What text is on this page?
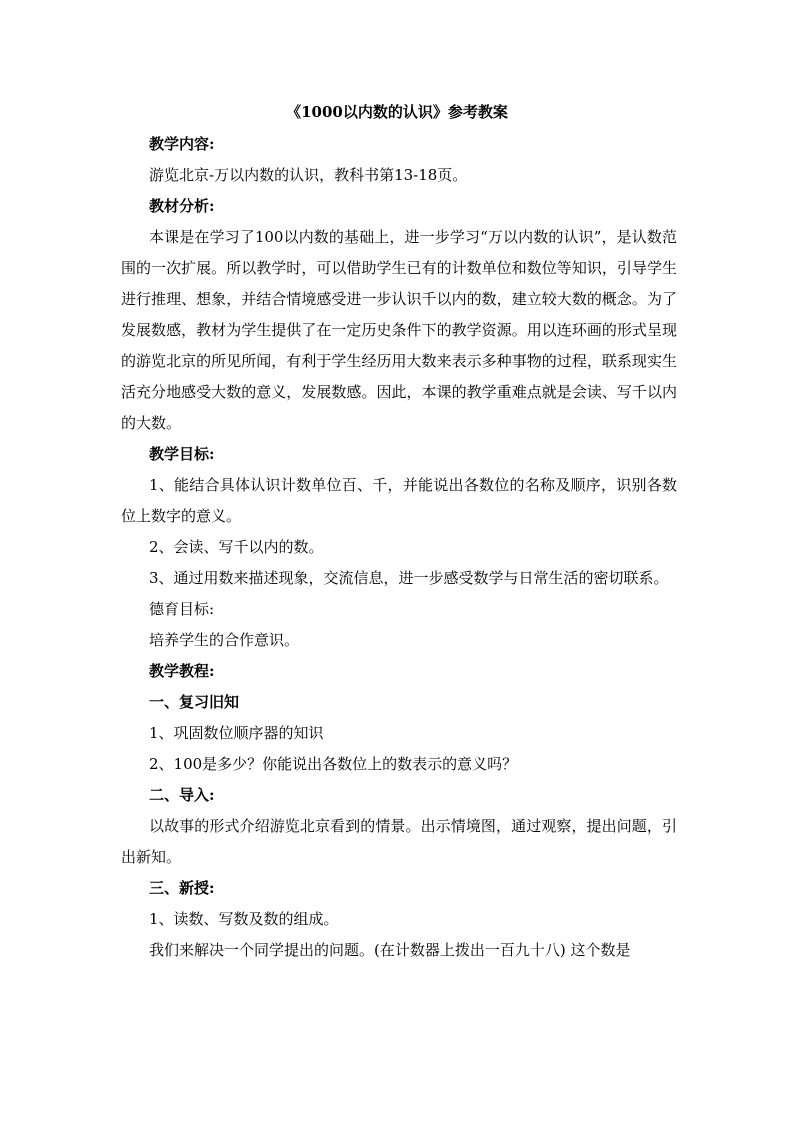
《1000以内数的认识》参考教案

教学内容:

游览北京-万以内数的认识，教科书第13-18页。

教材分析:

本课是在学习了100以内数的基础上，进一步学习“万以内数的认识”，是认数范围的一次扩展。所以教学时，可以借助学生已有的计数单位和数位等知识，引导学生进行推理、想象，并结合情境感受进一步认识千以内的数，建立较大数的概念。为了发展数感，教材为学生提供了在一定历史条件下的教学资源。用以连环画的形式呈现的游览北京的所见所闻，有利于学生经历用大数来表示多种事物的过程，联系现实生活充分地感受大数的意义，发展数感。因此，本课的教学重难点就是会读、写千以内的大数。

教学目标:

1、能结合具体认识计数单位百、千，并能说出各数位的名称及顺序，识别各数位上数字的意义。

2、会读、写千以内的数。

3、通过用数来描述现象，交流信息，进一步感受数学与日常生活的密切联系。

德育目标:

培养学生的合作意识。

教学教程:

一、复习旧知

1、巩固数位顺序器的知识

2、100是多少？你能说出各数位上的数表示的意义吗？

二、导入:

以故事的形式介绍游览北京看到的情景。出示情境图，通过观察，提出问题，引出新知。

三、新授:

1、读数、写数及数的组成。

我们来解决一个同学提出的问题。(在计数器上拨出一百九十八) 这个数是
